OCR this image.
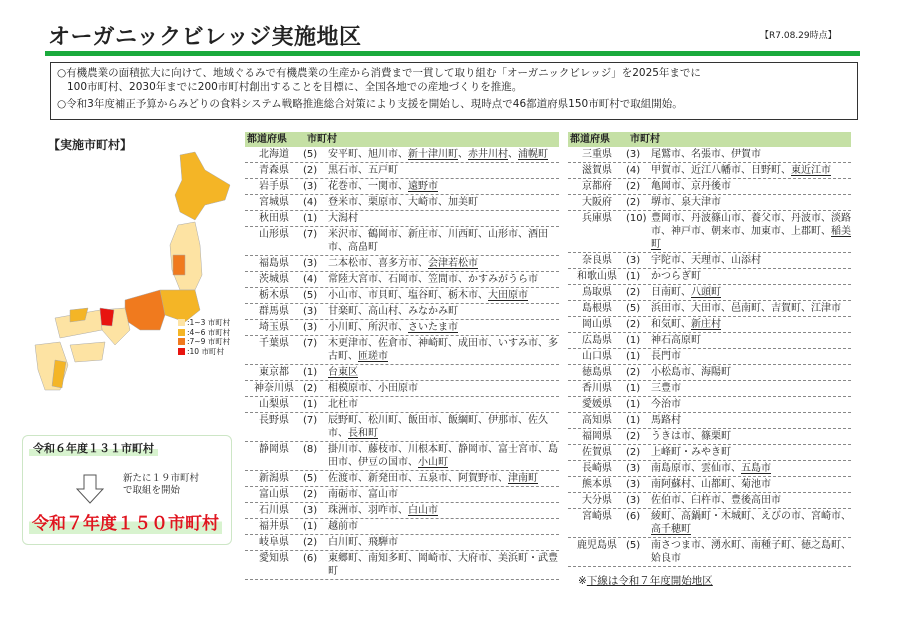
オーガニックビレッジ実施地区	【R7.08.29時点】

○有機農業の面積拡大に向けて、地域ぐるみで有機農業の生産から消費まで一貫して取り組む「オーガニックビレッジ」を2025年までに
100市町村、2030年までに200市町村創出することを目標に、全国各地での産地づくりを推進。

○令和3年度補正予算からみどりの食料システム戦略推進総合対策により支援を開始し、現時点で46都道府県150市町村で取組開始。

【実施市町村】
:1~3 市町村
:4~6 市町村
:7~9 市町村
:10 市町村
令和６年度１３１市町村
新たに１９市町村
で取組を開始
令和７年度１５０市町村
都道府県	市町村
北海道	(5)	安平町、旭川市、新十津川町、赤井川村、浦幌町
青森県	(2)	黒石市、五戸町
岩手県	(3)	花巻市、一関市、遠野市
宮城県	(4)	登米市、栗原市、大崎市、加美町
秋田県	(1)	大潟村
山形県	(7)	米沢市、鶴岡市、新庄市、川西町、山形市、酒田市、高畠町
福島県	(3)	二本松市、喜多方市、会津若松市
茨城県	(4)	常陸大宮市、石岡市、笠間市、かすみがうら市
栃木県	(5)	小山市、市貝町、塩谷町、栃木市、大田原市
群馬県	(3)	甘楽町、高山村、みなかみ町
埼玉県	(3)	小川町、所沢市、さいたま市
千葉県	(7)	木更津市、佐倉市、神崎町、成田市、いすみ市、多古町、匝瑳市
東京都	(1)	台東区
神奈川県 (2)	相模原市、小田原市
山梨県	(1)	北杜市
長野県	(7)	辰野町、松川町、飯田市、飯綱町、伊那市、佐久市、長和町
静岡県	(8)	掛川市、藤枝市、川根本町、静岡市、富士宮市、島田市、伊豆の国市、小山町
新潟県	(5)	佐渡市、新発田市、五泉市、阿賀野市、津南町
富山県	(2)	南砺市、富山市
石川県	(3)	珠洲市、羽咋市、白山市
福井県	(1)	越前市
岐阜県	(2)	白川町、飛騨市
愛知県	(6)	東郷町、南知多町、岡崎市、大府市、美浜町・武豊町
都道府県	市町村
三重県	(3)	尾鷲市、名張市、伊賀市
滋賀県	(4)	甲賀市、近江八幡市、日野町、東近江市
京都府	(2)	亀岡市、京丹後市
大阪府	(2)	堺市、泉大津市
兵庫県	(10) 豊岡市、丹波篠山市、養父市、丹波市、淡路市、神戸市、朝来市、加東市、上郡町、稲美町
奈良県	(3)	宇陀市、天理市、山添村
和歌山県 (1)	かつらぎ町
鳥取県	(2)	日南町、八頭町
島根県	(5)	浜田市、大田市、邑南町、吉賀町、江津市
岡山県	(2)	和気町、新庄村
広島県	(1)	神石高原町
山口県	(1)	長門市
徳島県	(2)	小松島市、海陽町
香川県	(1)	三豊市
愛媛県	(1)	今治市
高知県	(1)	馬路村
福岡県	(2)	うきは市、篠栗町
佐賀県	(2)	上峰町・みやき町
長崎県	(3)	南島原市、雲仙市、五島市
熊本県	(3)	南阿蘇村、山都町、菊池市
大分県	(3)	佐伯市、臼杵市、豊後高田市
宮崎県	(6)	綾町、高鍋町・木城町、えびの市、宮崎市、高千穂町
鹿児島県 (5)	南さつま市、湧水町、南種子町、徳之島町、姶良市
※下線は令和７年度開始地区
